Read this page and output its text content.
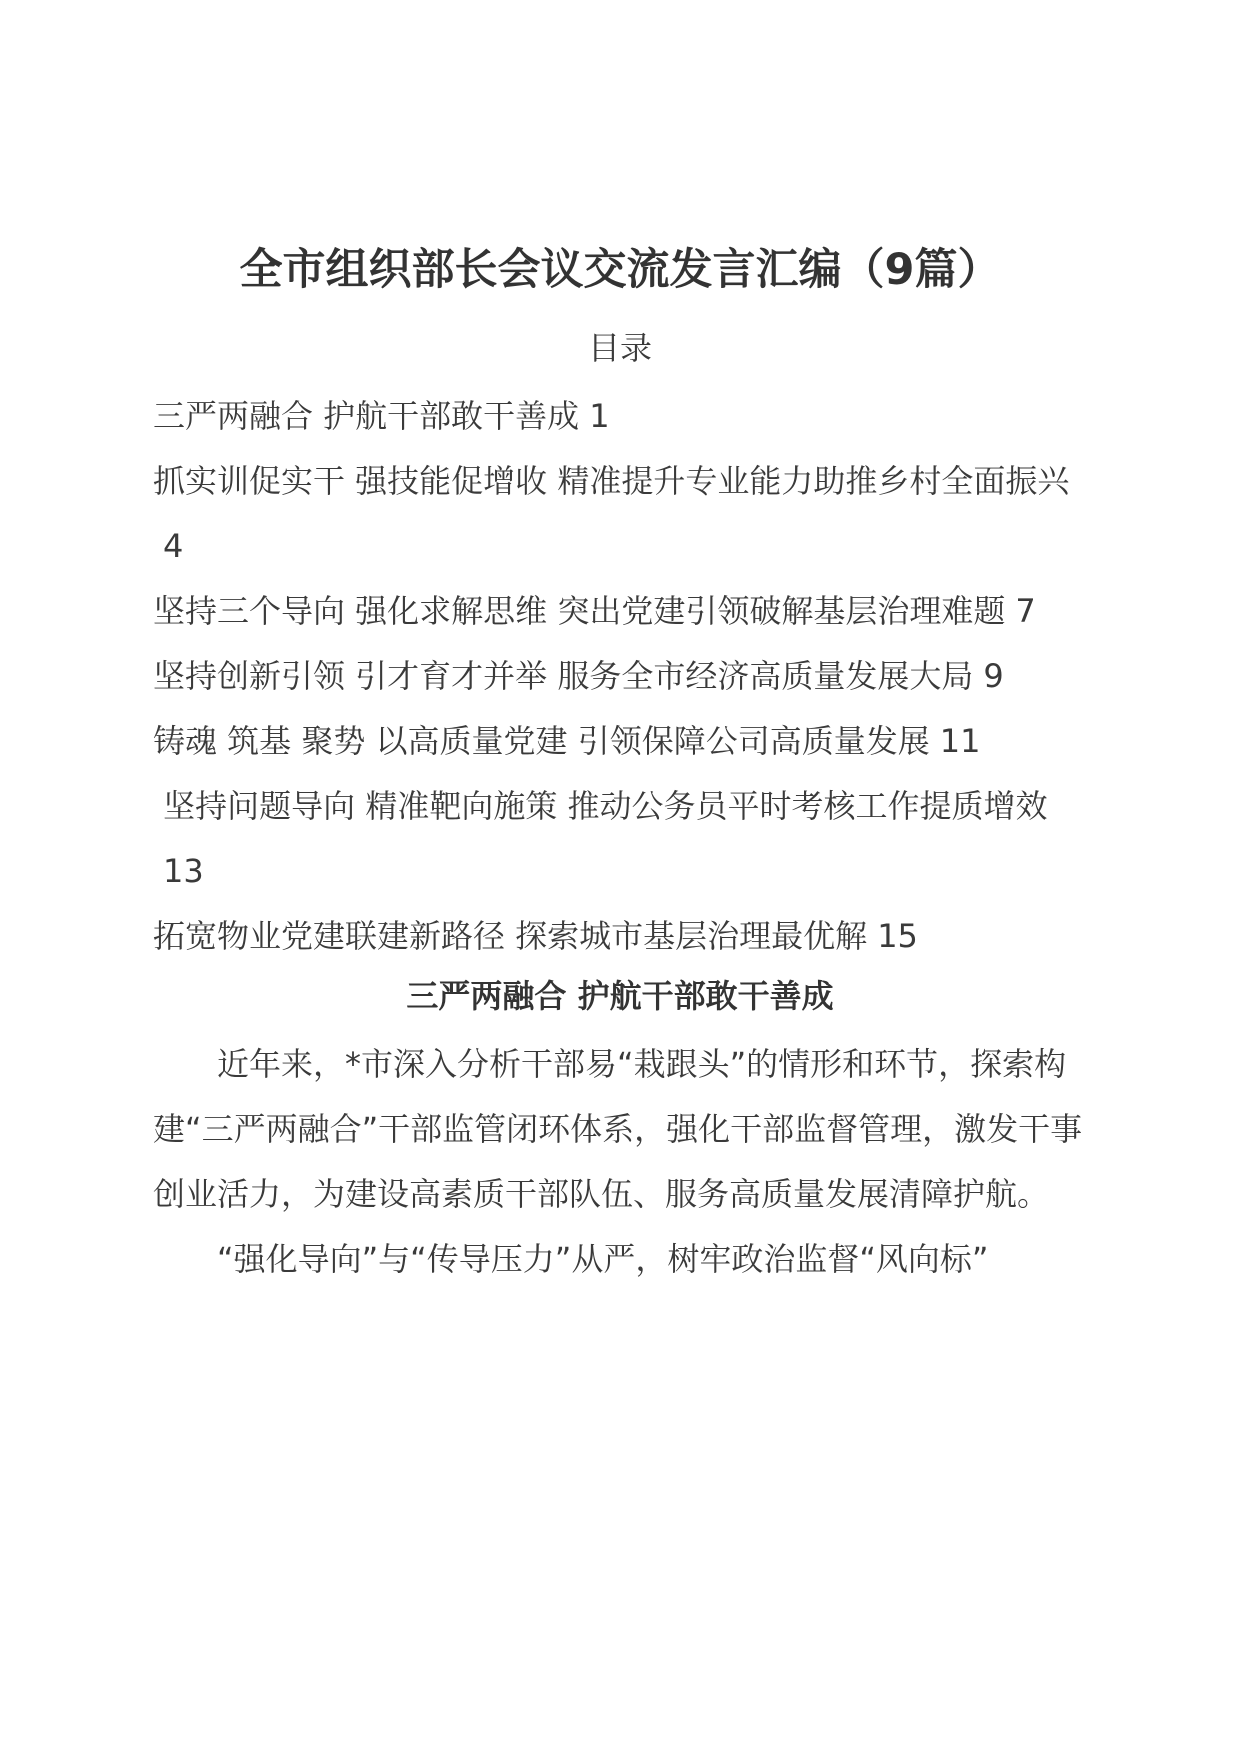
全市组织部长会议交流发言汇编（9篇）
目录
三严两融合 护航干部敢干善成 1
抓实训促实干 强技能促增收 精准提升专业能力助推乡村全面振兴4
坚持三个导向 强化求解思维 突出党建引领破解基层治理难题 7
坚持创新引领 引才育才并举 服务全市经济高质量发展大局 9
铸魂 筑基 聚势 以高质量党建 引领保障公司高质量发展 11
坚持问题导向 精准靶向施策 推动公务员平时考核工作提质增效13
拓宽物业党建联建新路径 探索城市基层治理最优解 15
三严两融合 护航干部敢干善成

近年来，*市深入分析干部易“栽跟头”的情形和环节，探索构建“三严两融合”干部监管闭环体系，强化干部监督管理，激发干事创业活力，为建设高素质干部队伍、服务高质量发展清障护航。

“强化导向”与“传导压力”从严，树牢政治监督“风向标”
